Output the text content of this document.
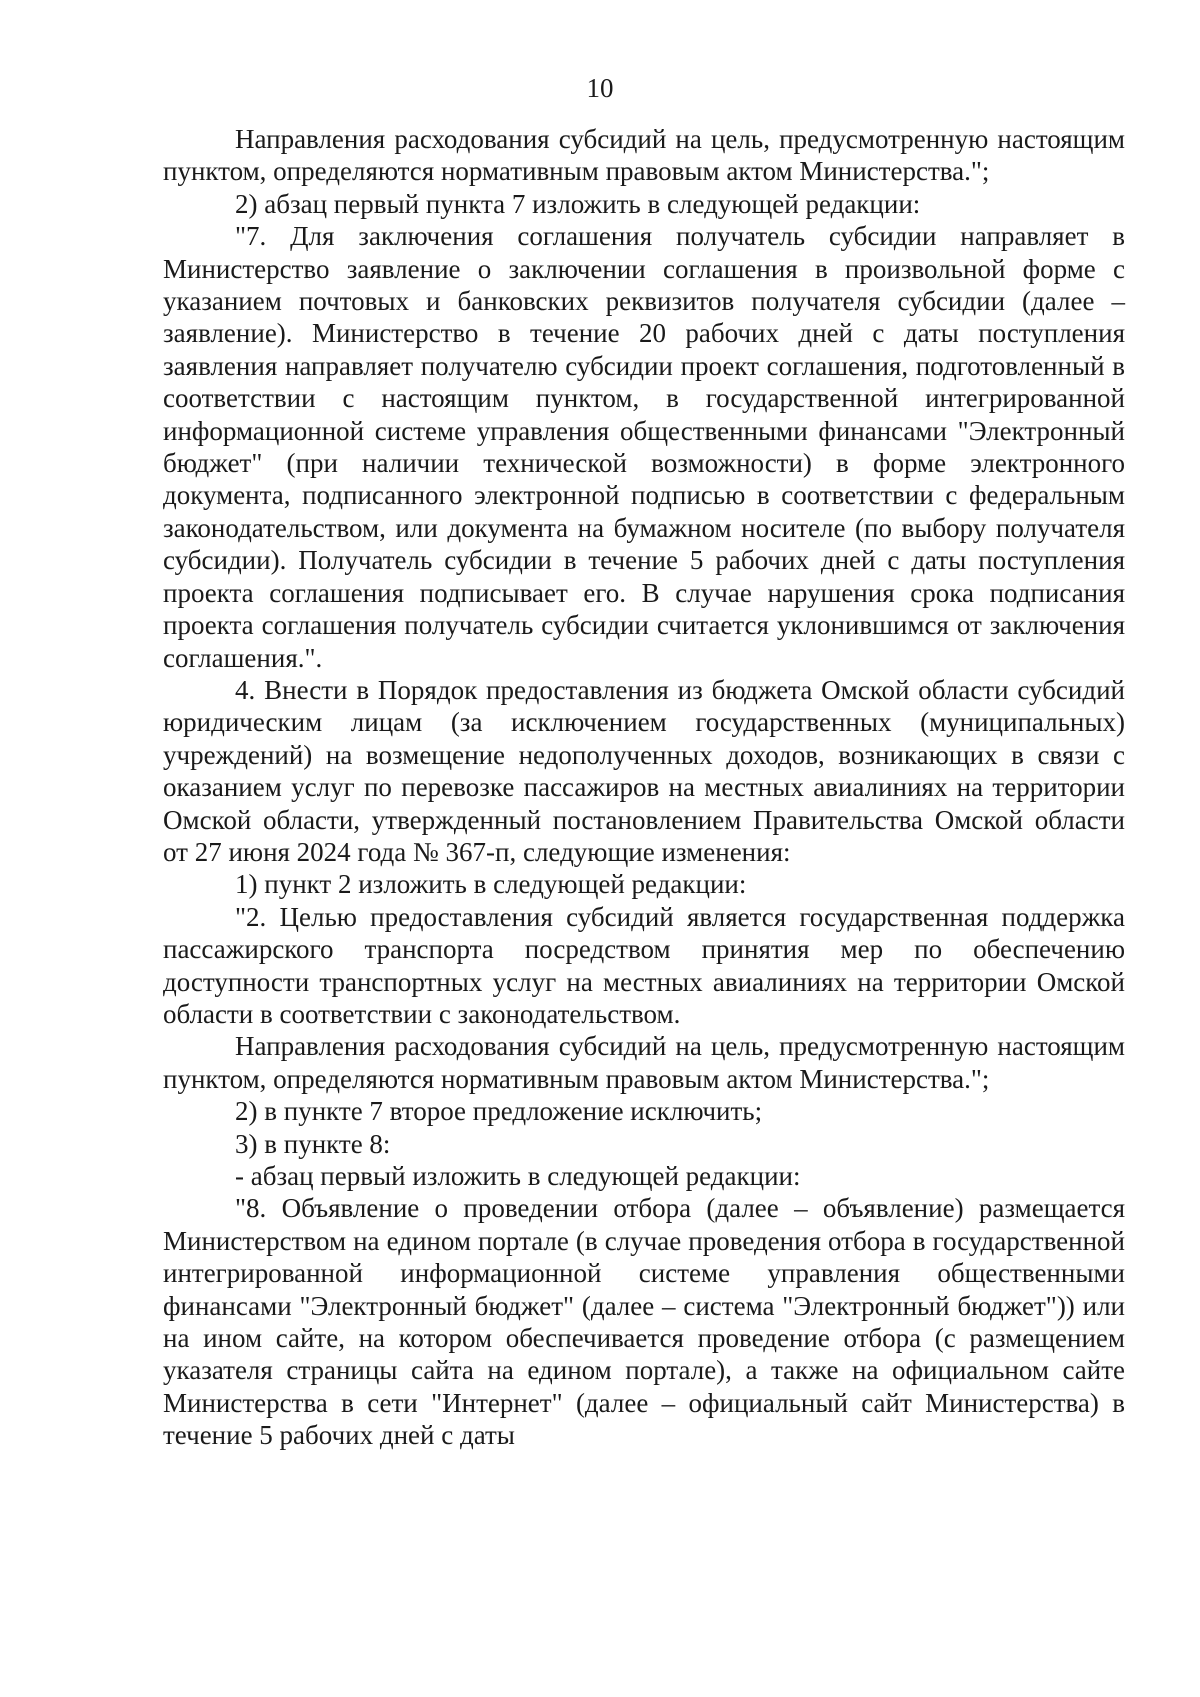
10

Направления расходования субсидий на цель, предусмотренную настоящим пунктом, определяются нормативным правовым актом Министерства.";

2) абзац первый пункта 7 изложить в следующей редакции:

"7. Для заключения соглашения получатель субсидии направляет в Министерство заявление о заключении соглашения в произвольной форме с указанием почтовых и банковских реквизитов получателя субсидии (далее – заявление). Министерство в течение 20 рабочих дней с даты поступления заявления направляет получателю субсидии проект соглашения, подготовленный в соответствии с настоящим пунктом, в государственной интегрированной информационной системе управления общественными финансами "Электронный бюджет" (при наличии технической возможности) в форме электронного документа, подписанного электронной подписью в соответствии с федеральным законодательством, или документа на бумажном носителе (по выбору получателя субсидии). Получатель субсидии в течение 5 рабочих дней с даты поступления проекта соглашения подписывает его. В случае нарушения срока подписания проекта соглашения получатель субсидии считается уклонившимся от заключения соглашения.".

4. Внести в Порядок предоставления из бюджета Омской области субсидий юридическим лицам (за исключением государственных (муниципальных) учреждений) на возмещение недополученных доходов, возникающих в связи с оказанием услуг по перевозке пассажиров на местных авиалиниях на территории Омской области, утвержденный постановлением Правительства Омской области от 27 июня 2024 года № 367-п, следующие изменения:

1) пункт 2 изложить в следующей редакции:

"2. Целью предоставления субсидий является государственная поддержка пассажирского транспорта посредством принятия мер по обеспечению доступности транспортных услуг на местных авиалиниях на территории Омской области в соответствии с законодательством.

Направления расходования субсидий на цель, предусмотренную настоящим пунктом, определяются нормативным правовым актом Министерства.";

2) в пункте 7 второе предложение исключить;

3) в пункте 8:

- абзац первый изложить в следующей редакции:

"8. Объявление о проведении отбора (далее – объявление) размещается Министерством на едином портале (в случае проведения отбора в государственной интегрированной информационной системе управления общественными финансами "Электронный бюджет" (далее – система "Электронный бюджет")) или на ином сайте, на котором обеспечивается проведение отбора (с размещением указателя страницы сайта на едином портале), а также на официальном сайте Министерства в сети "Интернет" (далее – официальный сайт Министерства) в течение 5 рабочих дней с даты
